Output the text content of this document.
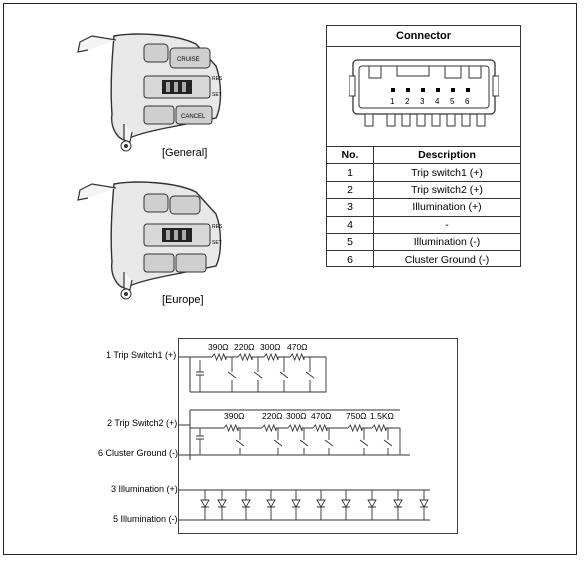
CRUISE
RES
SET
CANCEL
[General]
RES
SET
[Europe]
Connector
1 2 3 4 5 6
No.	Description
1	Trip switch1 (+)
2	Trip switch2 (+)
3	Illumination (+)
4	-
5	Illumination (-)
6	Cluster Ground (-)
1 Trip Switch1 (+)
2 Trip Switch2 (+)
6 Cluster Ground (-)
3 Illumination (+)
5 Illumination (-)
390Ω 220Ω 300Ω 470Ω
390Ω 220Ω 300Ω 470Ω 750Ω 1.5KΩ
